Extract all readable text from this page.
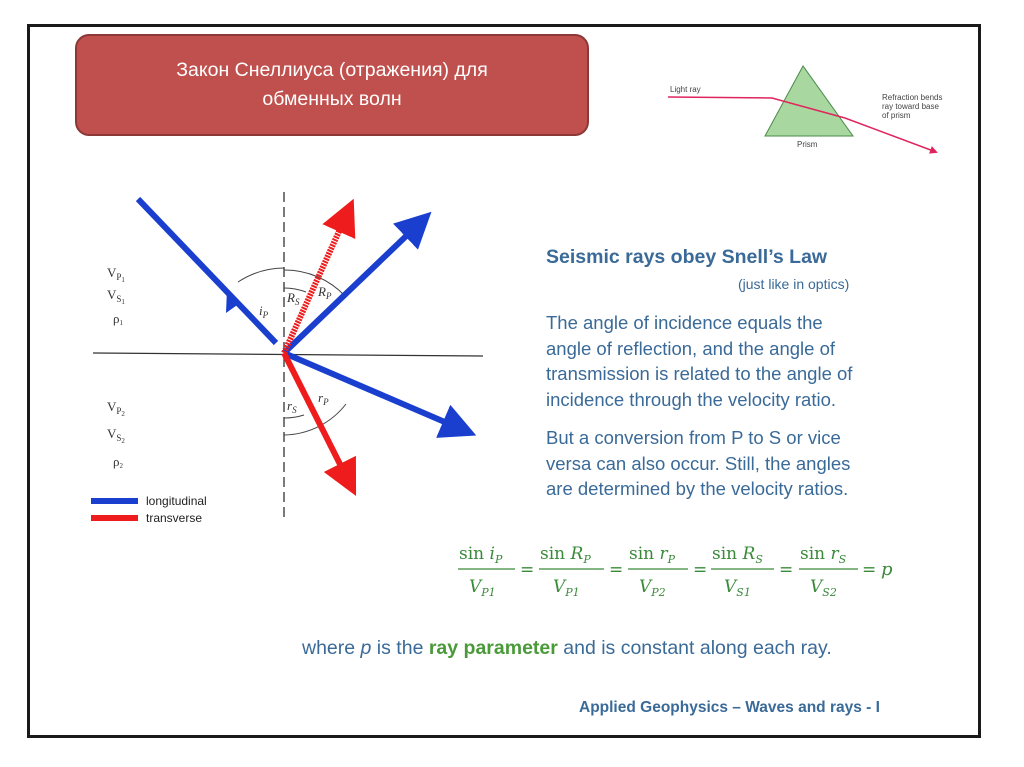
Закон Снеллиуса (отражения) для
обменных волн	Light ray
Prism
Refraction bends
ray toward base
of prism
$V_P1$
$V_S1$
ρ1
$V_P2$
$V_S2$
ρ2
$i_P$
$R_S$
$R_P$
$r_S$
$r_P$
longitudinal
transverse
$\sin i_P$
$V_{P1}$
=
$\sin R_P$
$V_{P1}$
=
$\sin r_P$
$V_{P2}$
=
$\sin R_S$
$V_{S1}$
=
$\sin r_S$
$V_{S2}$
= p
Seismic rays obey Snell’s Law
(just like in optics)
The angle of incidence equals the
angle of reflection, and the angle of
transmission is related to the angle of
incidence through the velocity ratio.
But a conversion from P to S or vice
versa can also occur. Still, the angles
are determined by the velocity ratios.
where p is the ray parameter and is constant along each ray.
Applied Geophysics – Waves and rays - I
